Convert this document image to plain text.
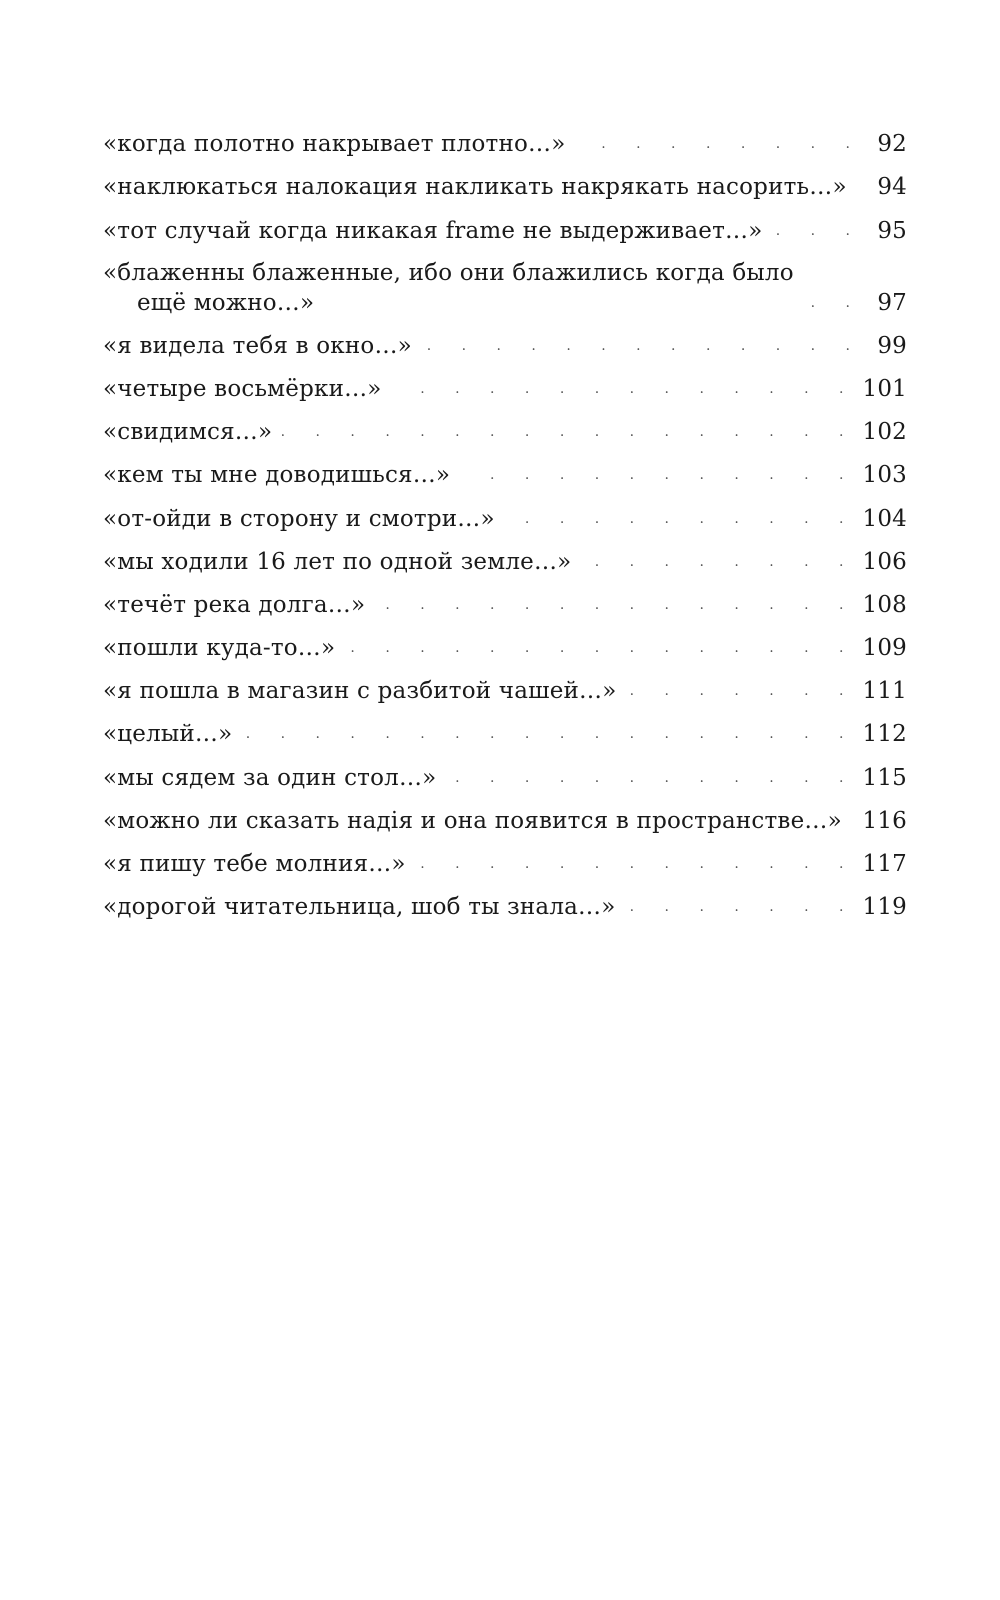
«когда полотно накрывает плотно…» . . .	92
«наклюкаться налокация накликать накрякать насорить…» . . .	94
«тот случай когда никакая frame не выдерживает…» . . .	95
«блаженны блаженные, ибо они блажились когда было
ещё можно…» . . .	97
«я видела тебя в окно…» . . .	99
«четыре восьмёрки…» . . .	101
«свидимся…» . . .	102
«кем ты мне доводишься…» . . .	103
«от-ойди в сторону и смотри…» . . .	104
«мы ходили 16 лет по одной земле…» . . .	106
«течёт река долга…» . . .	108
«пошли куда-то…» . . .	109
«я пошла в магазин с разбитой чашей…» . . .	111
«целый…» . . .	112
«мы сядем за один стол…» . . .	115
«можно ли сказать надія и она появится в пространстве…» . . . 116
«я пишу тебе молния…» . . .	117
«дорогой читательница, шоб ты знала…» . . .	119
